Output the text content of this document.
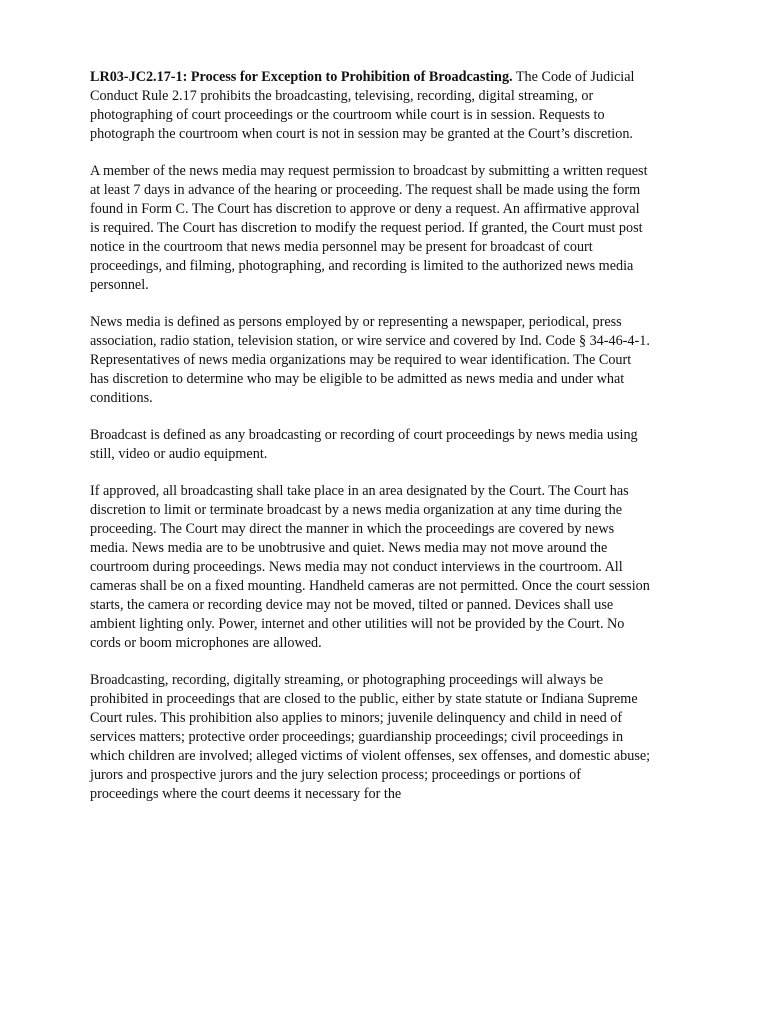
LR03-JC2.17-1: Process for Exception to Prohibition of Broadcasting. The Code of Judicial Conduct Rule 2.17 prohibits the broadcasting, televising, recording, digital streaming, or photographing of court proceedings or the courtroom while court is in session. Requests to photograph the courtroom when court is not in session may be granted at the Court’s discretion.

A member of the news media may request permission to broadcast by submitting a written request at least 7 days in advance of the hearing or proceeding. The request shall be made using the form found in Form C. The Court has discretion to approve or deny a request. An affirmative approval is required. The Court has discretion to modify the request period. If granted, the Court must post notice in the courtroom that news media personnel may be present for broadcast of court proceedings, and filming, photographing, and recording is limited to the authorized news media personnel.

News media is defined as persons employed by or representing a newspaper, periodical, press association, radio station, television station, or wire service and covered by Ind. Code § 34-46-4-1. Representatives of news media organizations may be required to wear identification. The Court has discretion to determine who may be eligible to be admitted as news media and under what conditions.

Broadcast is defined as any broadcasting or recording of court proceedings by news media using still, video or audio equipment.

If approved, all broadcasting shall take place in an area designated by the Court. The Court has discretion to limit or terminate broadcast by a news media organization at any time during the proceeding. The Court may direct the manner in which the proceedings are covered by news media. News media are to be unobtrusive and quiet. News media may not move around the courtroom during proceedings. News media may not conduct interviews in the courtroom. All cameras shall be on a fixed mounting. Handheld cameras are not permitted. Once the court session starts, the camera or recording device may not be moved, tilted or panned. Devices shall use ambient lighting only. Power, internet and other utilities will not be provided by the Court. No cords or boom microphones are allowed.

Broadcasting, recording, digitally streaming, or photographing proceedings will always be prohibited in proceedings that are closed to the public, either by state statute or Indiana Supreme Court rules. This prohibition also applies to minors; juvenile delinquency and child in need of services matters; protective order proceedings; guardianship proceedings; civil proceedings in which children are involved; alleged victims of violent offenses, sex offenses, and domestic abuse; jurors and prospective jurors and the jury selection process; proceedings or portions of proceedings where the court deems it necessary for the
